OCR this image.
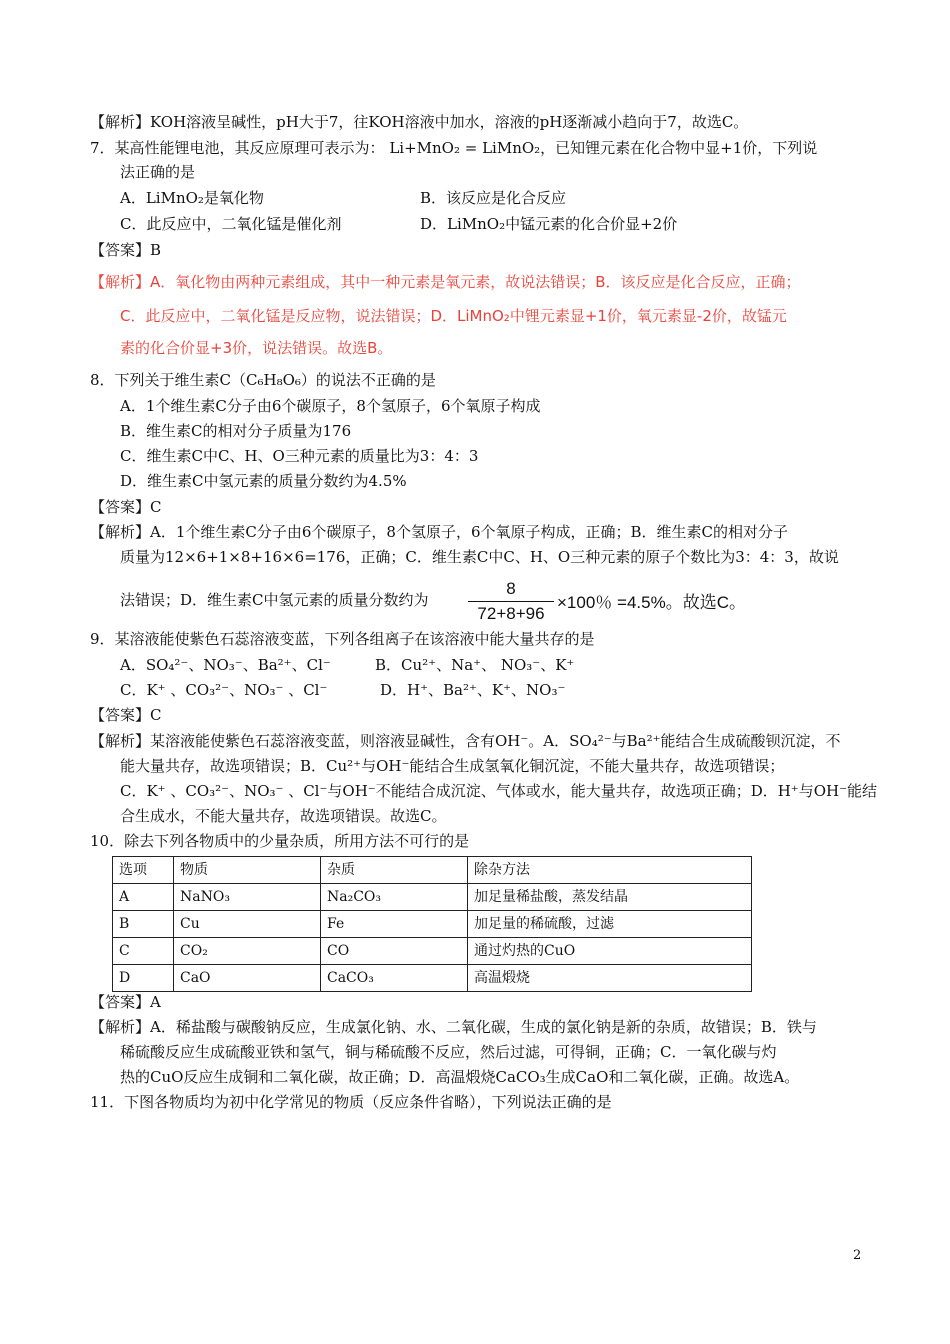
【解析】KOH溶液呈碱性，pH大于7，往KOH溶液中加水，溶液的pH逐渐减小趋向于7，故选C。
7．某高性能锂电池，其反应原理可表示为： Li+MnO₂ = LiMnO₂，已知锂元素在化合物中显+1价，下列说
法正确的是
A．LiMnO₂是氧化物	B．该反应是化合反应
C．此反应中，二氧化锰是催化剂	D．LiMnO₂中锰元素的化合价显+2价
【答案】B
【解析】A．氧化物由两种元素组成，其中一种元素是氧元素，故说法错误；B．该反应是化合反应，正确；
C．此反应中，二氧化锰是反应物，说法错误；D．LiMnO₂中锂元素显+1价，氧元素显-2价，故锰元
素的化合价显+3价，说法错误。故选B。
8．下列关于维生素C（C₆H₈O₆）的说法不正确的是
A．1个维生素C分子由6个碳原子，8个氢原子，6个氧原子构成
B．维生素C的相对分子质量为176
C．维生素C中C、H、O三种元素的质量比为3：4：3
D．维生素C中氢元素的质量分数约为4.5%
【答案】C
【解析】A．1个维生素C分子由6个碳原子，8个氢原子，6个氧原子构成，正确；B．维生素C的相对分子
质量为12×6+1×8+16×6=176，正确；C．维生素C中C、H、O三种元素的原子个数比为3：4：3，故说
法错误；D．维生素C中氢元素的质量分数约为
8
72+8+96
×100％ =4.5%。故选C。
9．某溶液能使紫色石蕊溶液变蓝，下列各组离子在该溶液中能大量共存的是
A．SO₄²⁻、NO₃⁻、Ba²⁺、Cl⁻	B．Cu²⁺、Na⁺、 NO₃⁻、K⁺
C．K⁺ 、CO₃²⁻、NO₃⁻ 、Cl⁻	D．H⁺、Ba²⁺、K⁺、NO₃⁻
【答案】C
【解析】某溶液能使紫色石蕊溶液变蓝，则溶液显碱性，含有OH⁻。A．SO₄²⁻与Ba²⁺能结合生成硫酸钡沉淀，不
能大量共存，故选项错误；B．Cu²⁺与OH⁻能结合生成氢氧化铜沉淀，不能大量共存，故选项错误；
C．K⁺ 、CO₃²⁻、NO₃⁻ 、Cl⁻与OH⁻不能结合成沉淀、气体或水，能大量共存，故选项正确；D．H⁺与OH⁻能结
合生成水，不能大量共存，故选项错误。故选C。
10．除去下列各物质中的少量杂质，所用方法不可行的是
选项	物质	杂质	除杂方法
A	NaNO₃	Na₂CO₃	加足量稀盐酸，蒸发结晶
B	Cu	Fe	加足量的稀硫酸，过滤
C	CO₂	CO	通过灼热的CuO
D	CaO	CaCO₃	高温煅烧
【答案】A
【解析】A．稀盐酸与碳酸钠反应，生成氯化钠、水、二氧化碳，生成的氯化钠是新的杂质，故错误；B．铁与
稀硫酸反应生成硫酸亚铁和氢气，铜与稀硫酸不反应，然后过滤，可得铜，正确；C．一氧化碳与灼
热的CuO反应生成铜和二氧化碳，故正确；D．高温煅烧CaCO₃生成CaO和二氧化碳，正确。故选A。
11．下图各物质均为初中化学常见的物质（反应条件省略），下列说法正确的是
2
